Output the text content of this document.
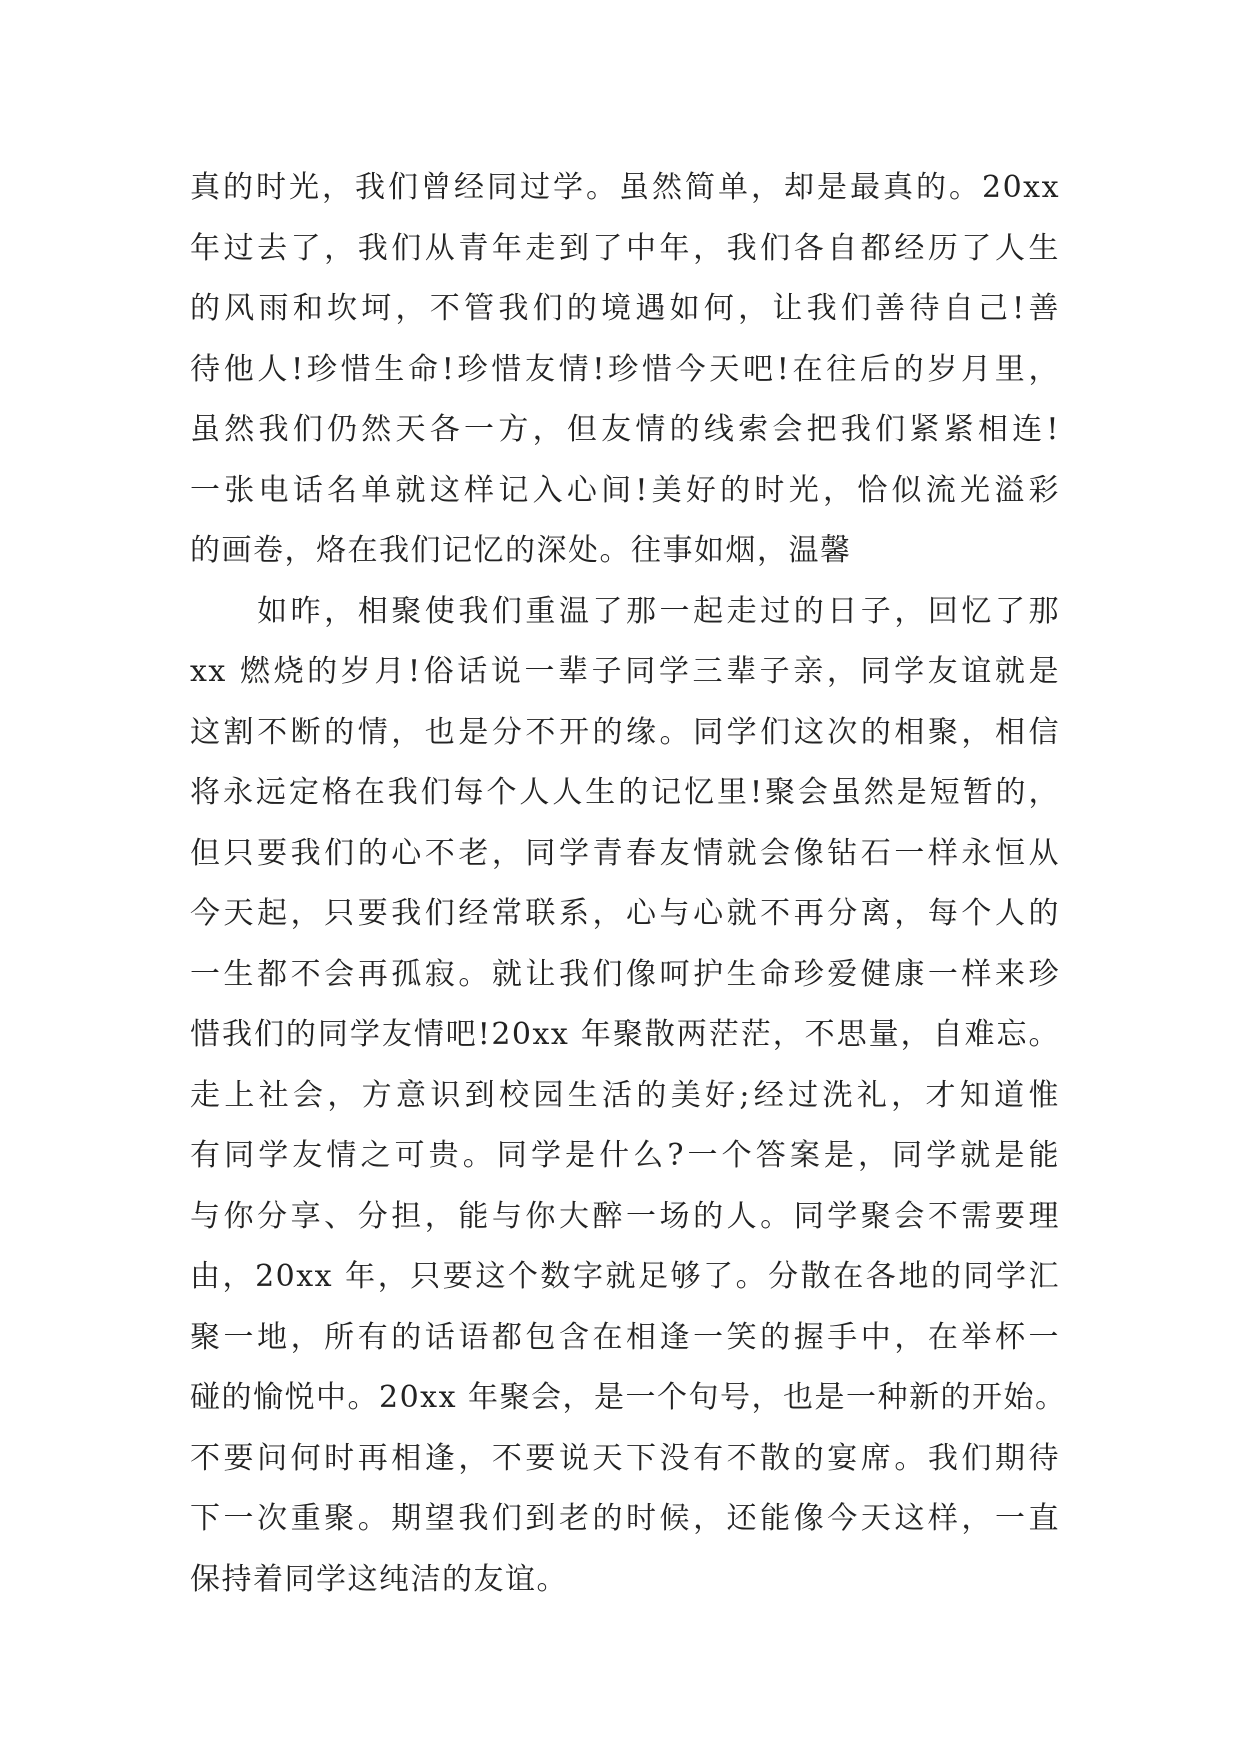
真的时光，我们曾经同过学。虽然简单，却是最真的。20xx
年过去了，我们从青年走到了中年，我们各自都经历了人生
的风雨和坎坷，不管我们的境遇如何，让我们善待自己!善
待他人!珍惜生命!珍惜友情!珍惜今天吧!在往后的岁月里，
虽然我们仍然天各一方，但友情的线索会把我们紧紧相连!
一张电话名单就这样记入心间!美好的时光，恰似流光溢彩
的画卷，烙在我们记忆的深处。往事如烟，温馨
　　如昨，相聚使我们重温了那一起走过的日子，回忆了那
xx 燃烧的岁月!俗话说一辈子同学三辈子亲，同学友谊就是
这割不断的情，也是分不开的缘。同学们这次的相聚，相信
将永远定格在我们每个人人生的记忆里!聚会虽然是短暂的，
但只要我们的心不老，同学青春友情就会像钻石一样永恒从
今天起，只要我们经常联系，心与心就不再分离，每个人的
一生都不会再孤寂。就让我们像呵护生命珍爱健康一样来珍
惜我们的同学友情吧!20xx 年聚散两茫茫，不思量，自难忘。
走上社会，方意识到校园生活的美好;经过洗礼，才知道惟
有同学友情之可贵。同学是什么?一个答案是，同学就是能
与你分享、分担，能与你大醉一场的人。同学聚会不需要理
由，20xx 年，只要这个数字就足够了。分散在各地的同学汇
聚一地，所有的话语都包含在相逢一笑的握手中，在举杯一
碰的愉悦中。20xx 年聚会，是一个句号，也是一种新的开始。
不要问何时再相逢，不要说天下没有不散的宴席。我们期待
下一次重聚。期望我们到老的时候，还能像今天这样，一直
保持着同学这纯洁的友谊。
